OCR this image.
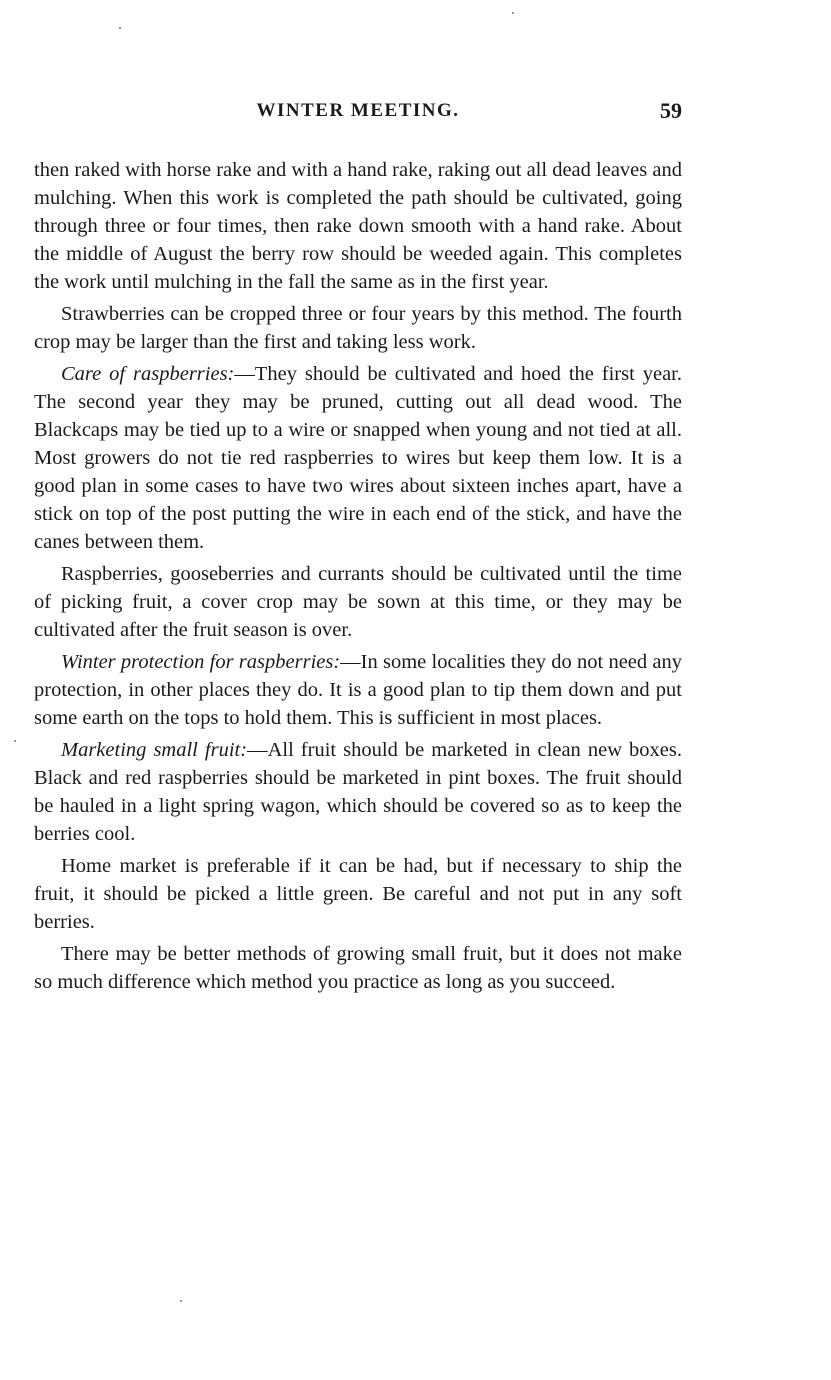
WINTER MEETING.	59

then raked with horse rake and with a hand rake, raking out all dead leaves and mulching. When this work is completed the path should be cultivated, going through three or four times, then rake down smooth with a hand rake. About the middle of August the berry row should be weeded again. This completes the work until mulching in the fall the same as in the first year.

Strawberries can be cropped three or four years by this method. The fourth crop may be larger than the first and taking less work.

Care of raspberries:—They should be cultivated and hoed the first year. The second year they may be pruned, cutting out all dead wood. The Blackcaps may be tied up to a wire or snapped when young and not tied at all. Most growers do not tie red raspberries to wires but keep them low. It is a good plan in some cases to have two wires about sixteen inches apart, have a stick on top of the post putting the wire in each end of the stick, and have the canes between them.

Raspberries, gooseberries and currants should be cultivated until the time of picking fruit, a cover crop may be sown at this time, or they may be cultivated after the fruit season is over.

Winter protection for raspberries:—In some localities they do not need any protection, in other places they do. It is a good plan to tip them down and put some earth on the tops to hold them. This is sufficient in most places.

Marketing small fruit:—All fruit should be marketed in clean new boxes. Black and red raspberries should be marketed in pint boxes. The fruit should be hauled in a light spring wagon, which should be covered so as to keep the berries cool.

Home market is preferable if it can be had, but if necessary to ship the fruit, it should be picked a little green. Be careful and not put in any soft berries.

There may be better methods of growing small fruit, but it does not make so much difference which method you practice as long as you succeed.
